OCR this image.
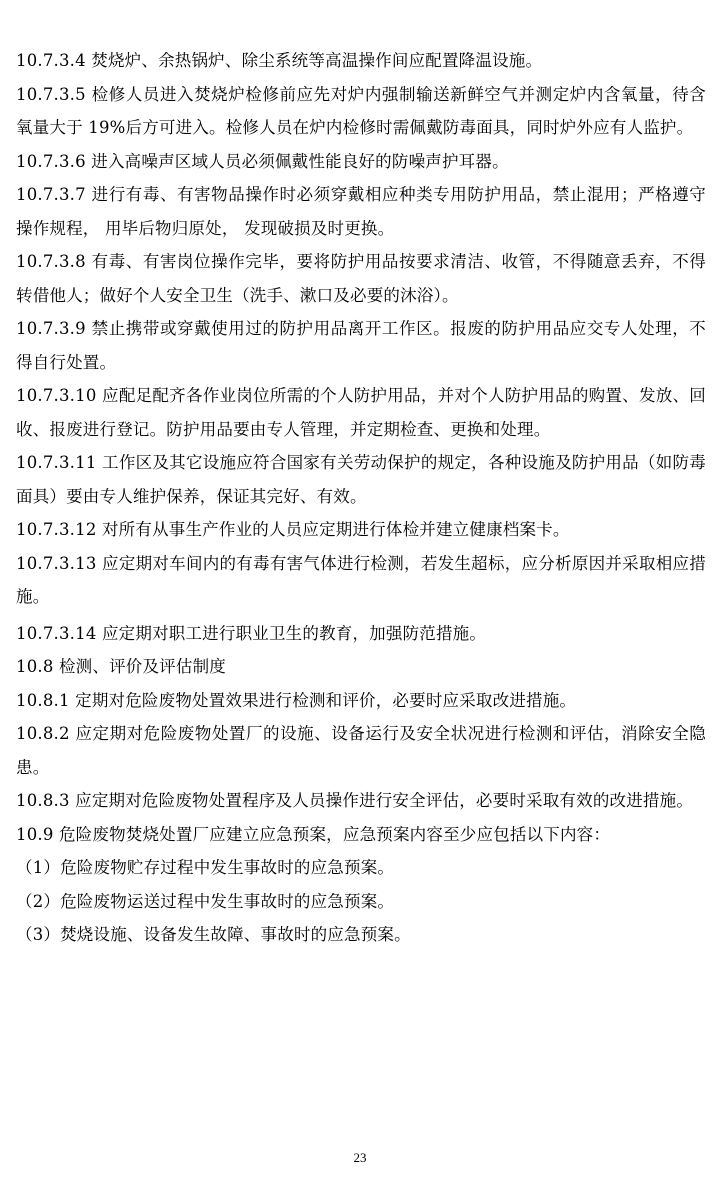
10.7.3.4 焚烧炉、余热锅炉、除尘系统等高温操作间应配置降温设施。

10.7.3.5 检修人员进入焚烧炉检修前应先对炉内强制输送新鲜空气并测定炉内含氧量，待含氧量大于 19%后方可进入。检修人员在炉内检修时需佩戴防毒面具，同时炉外应有人监护。

10.7.3.6 进入高噪声区域人员必须佩戴性能良好的防噪声护耳器。

10.7.3.7 进行有毒、有害物品操作时必须穿戴相应种类专用防护用品，禁止混用；严格遵守操作规程， 用毕后物归原处， 发现破损及时更换。

10.7.3.8 有毒、有害岗位操作完毕，要将防护用品按要求清洁、收管，不得随意丢弃，不得转借他人；做好个人安全卫生（洗手、漱口及必要的沐浴）。

10.7.3.9 禁止携带或穿戴使用过的防护用品离开工作区。报废的防护用品应交专人处理，不得自行处置。

10.7.3.10 应配足配齐各作业岗位所需的个人防护用品，并对个人防护用品的购置、发放、回收、报废进行登记。防护用品要由专人管理，并定期检查、更换和处理。

10.7.3.11 工作区及其它设施应符合国家有关劳动保护的规定，各种设施及防护用品（如防毒面具）要由专人维护保养，保证其完好、有效。

10.7.3.12 对所有从事生产作业的人员应定期进行体检并建立健康档案卡。

10.7.3.13 应定期对车间内的有毒有害气体进行检测，若发生超标，应分析原因并采取相应措施。

10.7.3.14 应定期对职工进行职业卫生的教育，加强防范措施。

10.8 检测、评价及评估制度

10.8.1 定期对危险废物处置效果进行检测和评价，必要时应采取改进措施。

10.8.2 应定期对危险废物处置厂的设施、设备运行及安全状况进行检测和评估，消除安全隐患。

10.8.3 应定期对危险废物处置程序及人员操作进行安全评估，必要时采取有效的改进措施。

10.9 危险废物焚烧处置厂应建立应急预案，应急预案内容至少应包括以下内容：

（1）危险废物贮存过程中发生事故时的应急预案。

（2）危险废物运送过程中发生事故时的应急预案。

（3）焚烧设施、设备发生故障、事故时的应急预案。

23
